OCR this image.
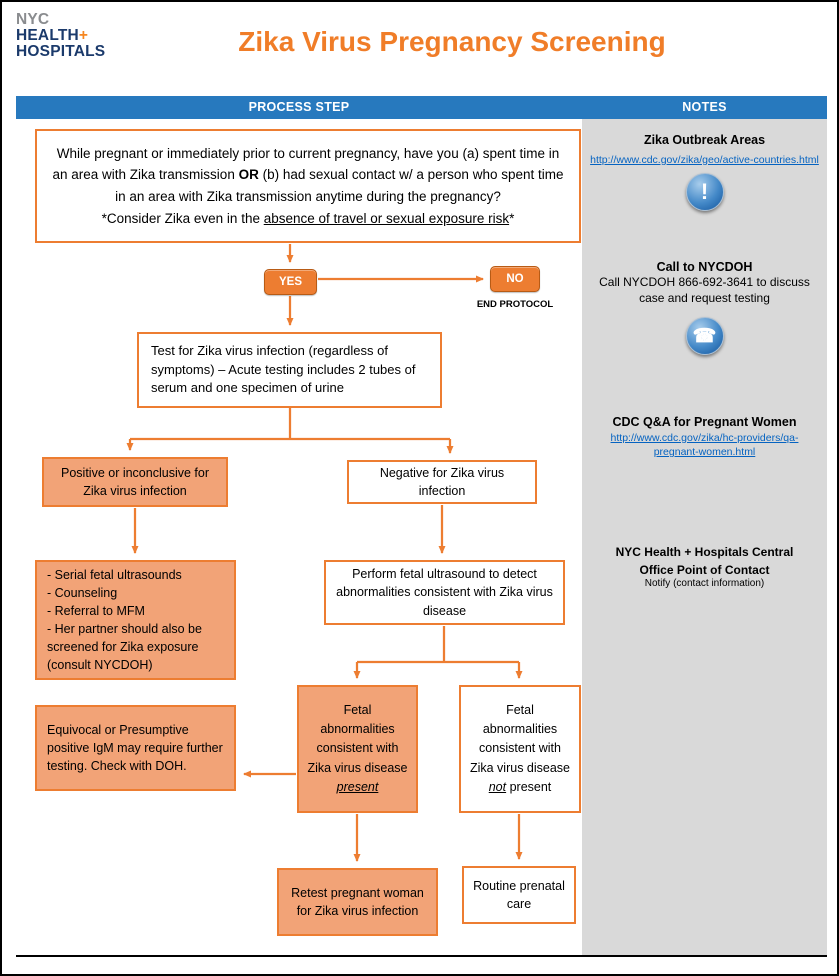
NYC
HEALTH+
HOSPITALS	Zika Virus Pregnancy Screening
PROCESS STEP	NOTES
While pregnant or immediately prior to current pregnancy, have you (a) spent time in an area with Zika transmission OR (b) had sexual contact w/ a person who spent time in an area with Zika transmission anytime during the pregnancy?
*Consider Zika even in the absence of travel or sexual exposure risk*
YES	NO
END PROTOCOL
Test for Zika virus infection (regardless of symptoms) – Acute testing includes 2 tubes of serum and one specimen of urine
Positive or inconclusive for Zika virus infection
Negative for Zika virus infection
- Serial fetal ultrasounds
- Counseling
- Referral to MFM
- Her partner should also be screened for Zika exposure (consult NYCDOH)
Perform fetal ultrasound to detect abnormalities consistent with Zika virus disease
Equivocal or Presumptive positive IgM may require further testing. Check with DOH.
Fetal abnormalities consistent with Zika virus disease present
Fetal abnormalities consistent with Zika virus disease not present
Retest pregnant woman for Zika virus infection
Routine prenatal care
Zika Outbreak Areas
http://www.cdc.gov/zika/geo/active-countries.html
!
Call to NYCDOH
Call NYCDOH 866-692-3641 to discuss case and request testing
☎
CDC Q&A for Pregnant Women
http://www.cdc.gov/zika/hc-providers/qa-pregnant-women.html
NYC Health + Hospitals Central Office Point of Contact
Notify (contact information)
